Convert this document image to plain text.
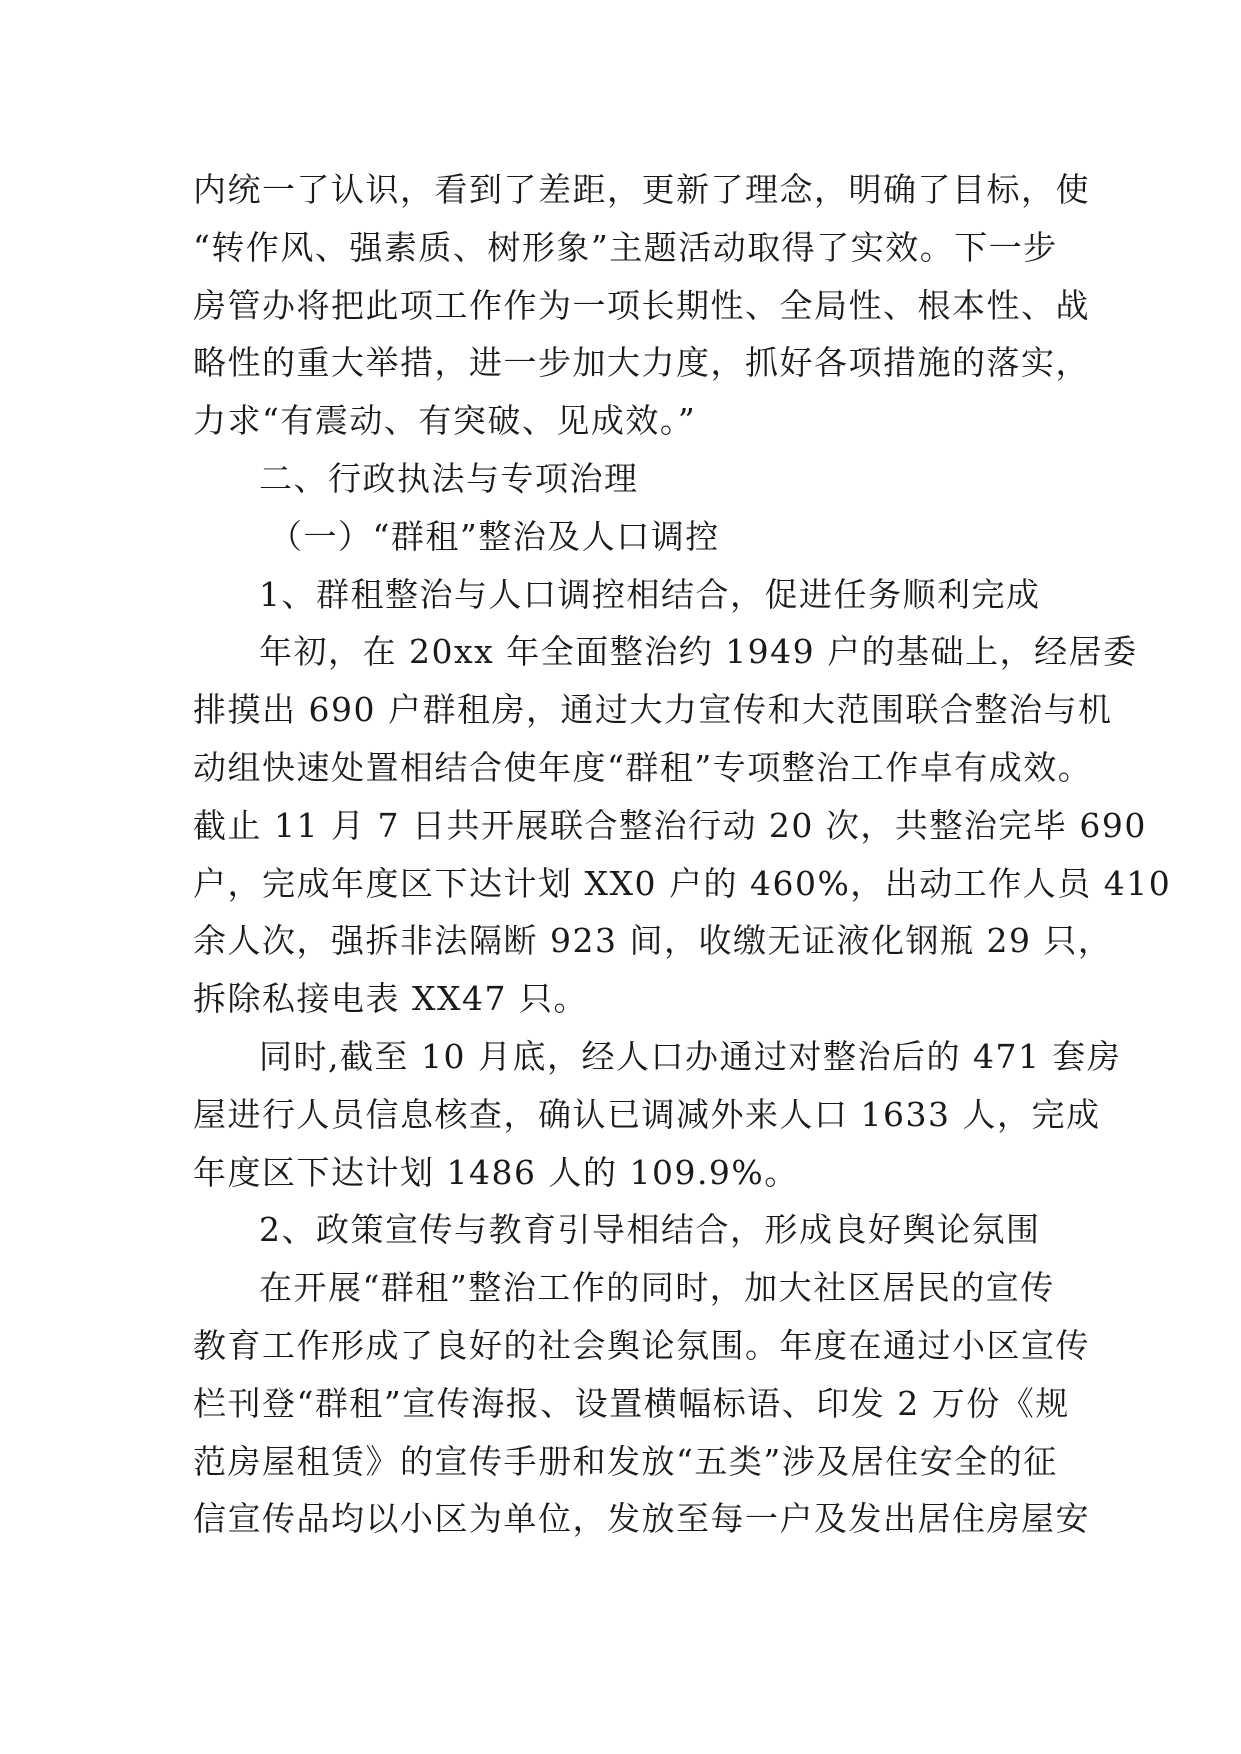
内统一了认识，看到了差距，更新了理念，明确了目标，使
“转作风、强素质、树形象”主题活动取得了实效。下一步
房管办将把此项工作作为一项长期性、全局性、根本性、战
略性的重大举措，进一步加大力度，抓好各项措施的落实，
力求“有震动、有突破、见成效。”
二、行政执法与专项治理
（一）“群租”整治及人口调控
1、群租整治与人口调控相结合，促进任务顺利完成
年初，在 20xx 年全面整治约 1949 户的基础上，经居委
排摸出 690 户群租房，通过大力宣传和大范围联合整治与机
动组快速处置相结合使年度“群租”专项整治工作卓有成效。
截止 11 月 7 日共开展联合整治行动 20 次，共整治完毕 690
户，完成年度区下达计划 XX0 户的 460%，出动工作人员 410
余人次，强拆非法隔断 923 间，收缴无证液化钢瓶 29 只，
拆除私接电表 XX47 只。
同时,截至 10 月底，经人口办通过对整治后的 471 套房
屋进行人员信息核查，确认已调减外来人口 1633 人，完成
年度区下达计划 1486 人的 109.9%。
2、政策宣传与教育引导相结合，形成良好舆论氛围
在开展“群租”整治工作的同时，加大社区居民的宣传
教育工作形成了良好的社会舆论氛围。年度在通过小区宣传
栏刊登“群租”宣传海报、设置横幅标语、印发 2 万份《规
范房屋租赁》的宣传手册和发放“五类”涉及居住安全的征
信宣传品均以小区为单位，发放至每一户及发出居住房屋安
